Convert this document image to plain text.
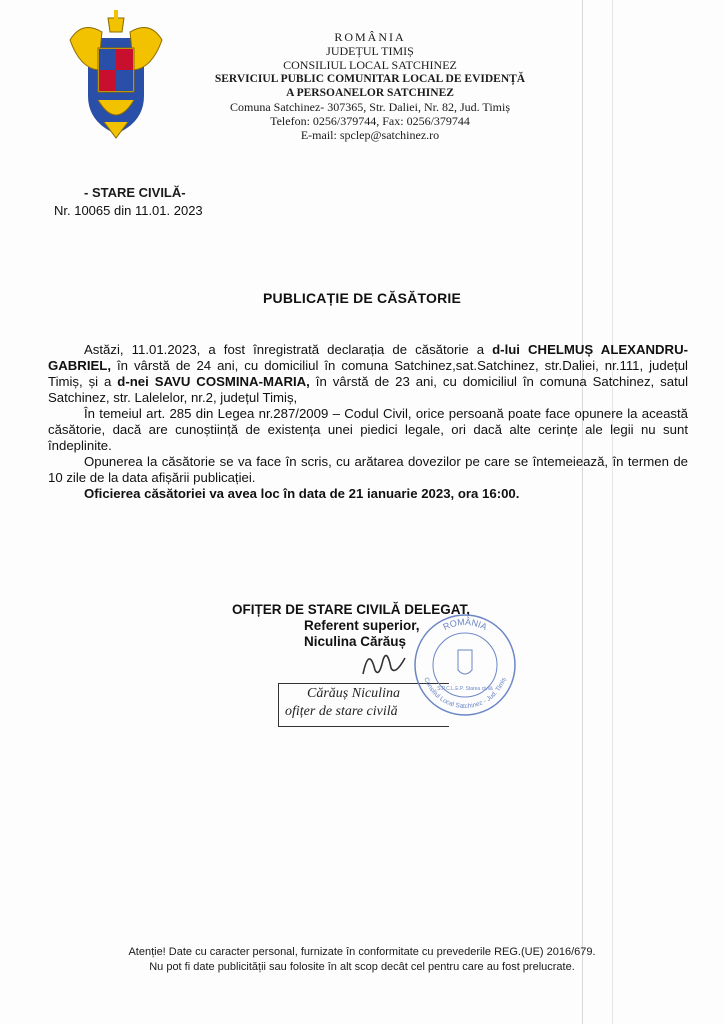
ROMÂNIA
JUDEȚUL TIMIȘ
CONSILIUL LOCAL SATCHINEZ
SERVICIUL PUBLIC COMUNITAR LOCAL DE EVIDENȚĂ
A PERSOANELOR SATCHINEZ
Comuna Satchinez- 307365, Str. Daliei, Nr. 82, Jud. Timiș
Telefon: 0256/379744, Fax: 0256/379744
E-mail: spclep@satchinez.ro
- STARE CIVILĂ-
Nr. 10065 din 11.01. 2023
PUBLICAȚIE DE CĂSĂTORIE

Astăzi, 11.01.2023, a fost înregistrată declarația de căsătorie a d-lui CHELMUȘ ALEXANDRU-GABRIEL, în vârstă de 24 ani, cu domiciliul în comuna Satchinez,sat.Satchinez, str.Daliei, nr.111, județul Timiș, și a d-nei SAVU COSMINA-MARIA, în vârstă de 23 ani, cu domiciliul în comuna Satchinez, satul Satchinez, str. Lalelelor, nr.2, județul Timiș,

În temeiul art. 285 din Legea nr.287/2009 – Codul Civil, orice persoană poate face opunere la această căsătorie, dacă are cunoștiință de existența unei piedici legale, ori dacă alte cerințe ale legii nu sunt îndeplinite.

Opunerea la căsătorie se va face în scris, cu arătarea dovezilor pe care se întemeiează, în termen de 10 zile de la data afișării publicației.

Oficierea căsătoriei va avea loc în data de 21 ianuarie 2023, ora 16:00.

OFIȚER DE STARE CIVILĂ DELEGAT,
Referent superior,
Niculina Cărăuș
Cărăuș Niculina
ofițer de stare civilă
ROMÂNIA
Consiliul Local Satchinez - Jud. Timiș
S.P.C.L.E.P. Starea civilă
Atenție! Date cu caracter personal, furnizate în conformitate cu prevederile REG.(UE) 2016/679.
Nu pot fi date publicității sau folosite în alt scop decât cel pentru care au fost prelucrate.
